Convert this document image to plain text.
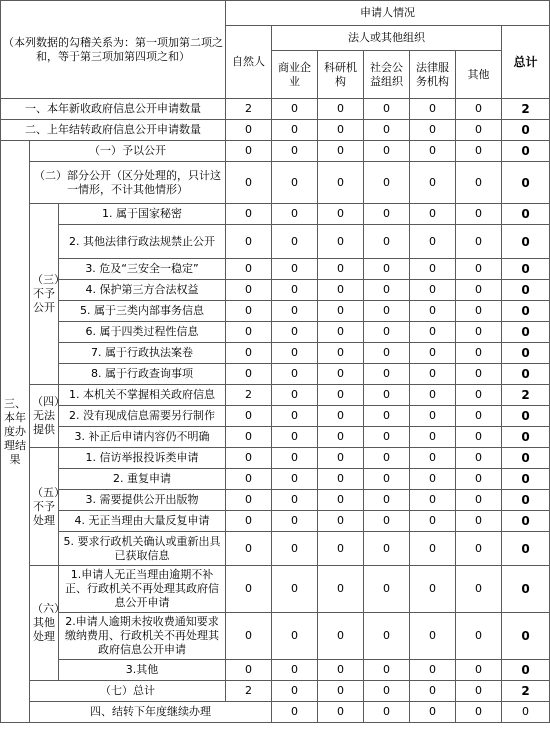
（本列数据的勾稽关系为：第一项加第二项之和，等于第三项加第四项之和）			申请人情况							
			自然人	法人或其他组织					总计	
				商业企业	科研机构	社会公益组织	法律服务机构	其他		
一、本年新收政府信息公开申请数量			2	0	0	0	0	0	2	
二、上年结转政府信息公开申请数量			0	0	0	0	0	0	0	
三、本年度办理结果	（一）予以公开		0	0	0	0	0	0	0	
	（二）部分公开（区分处理的，只计这一情形，不计其他情形）		0	0	0	0	0	0	0	
	（三）不予公开	1. 属于国家秘密	0	0	0	0	0	0	0	
		2. 其他法律行政法规禁止公开	0	0	0	0	0	0	0	
		3. 危及“三安全一稳定”	0	0	0	0	0	0	0	
		4. 保护第三方合法权益	0	0	0	0	0	0	0	
		5. 属于三类内部事务信息	0	0	0	0	0	0	0	
		6. 属于四类过程性信息	0	0	0	0	0	0	0	
		7. 属于行政执法案卷	0	0	0	0	0	0	0	
		8. 属于行政查询事项	0	0	0	0	0	0	0	
	（四）无法提供	1. 本机关不掌握相关政府信息	2	0	0	0	0	0	2	
		2. 没有现成信息需要另行制作	0	0	0	0	0	0	0	
		3. 补正后申请内容仍不明确	0	0	0	0	0	0	0	
	（五）不予处理	1. 信访举报投诉类申请	0	0	0	0	0	0	0	
		2. 重复申请	0	0	0	0	0	0	0	
		3. 需要提供公开出版物	0	0	0	0	0	0	0	
		4. 无正当理由大量反复申请	0	0	0	0	0	0	0	
		5. 要求行政机关确认或重新出具已获取信息	0	0	0	0	0	0	0	
	（六）其他处理	1.申请人无正当理由逾期不补正、行政机关不再处理其政府信息公开申请	0	0	0	0	0	0	0	
		2.申请人逾期未按收费通知要求缴纳费用、行政机关不再处理其政府信息公开申请	0	0	0	0	0	0	0	
		3.其他	0	0	0	0	0	0	0	
	（七）总计		2	0	0	0	0	0	2	
	四、结转下年度继续办理			0	0	0	0	0	0	
